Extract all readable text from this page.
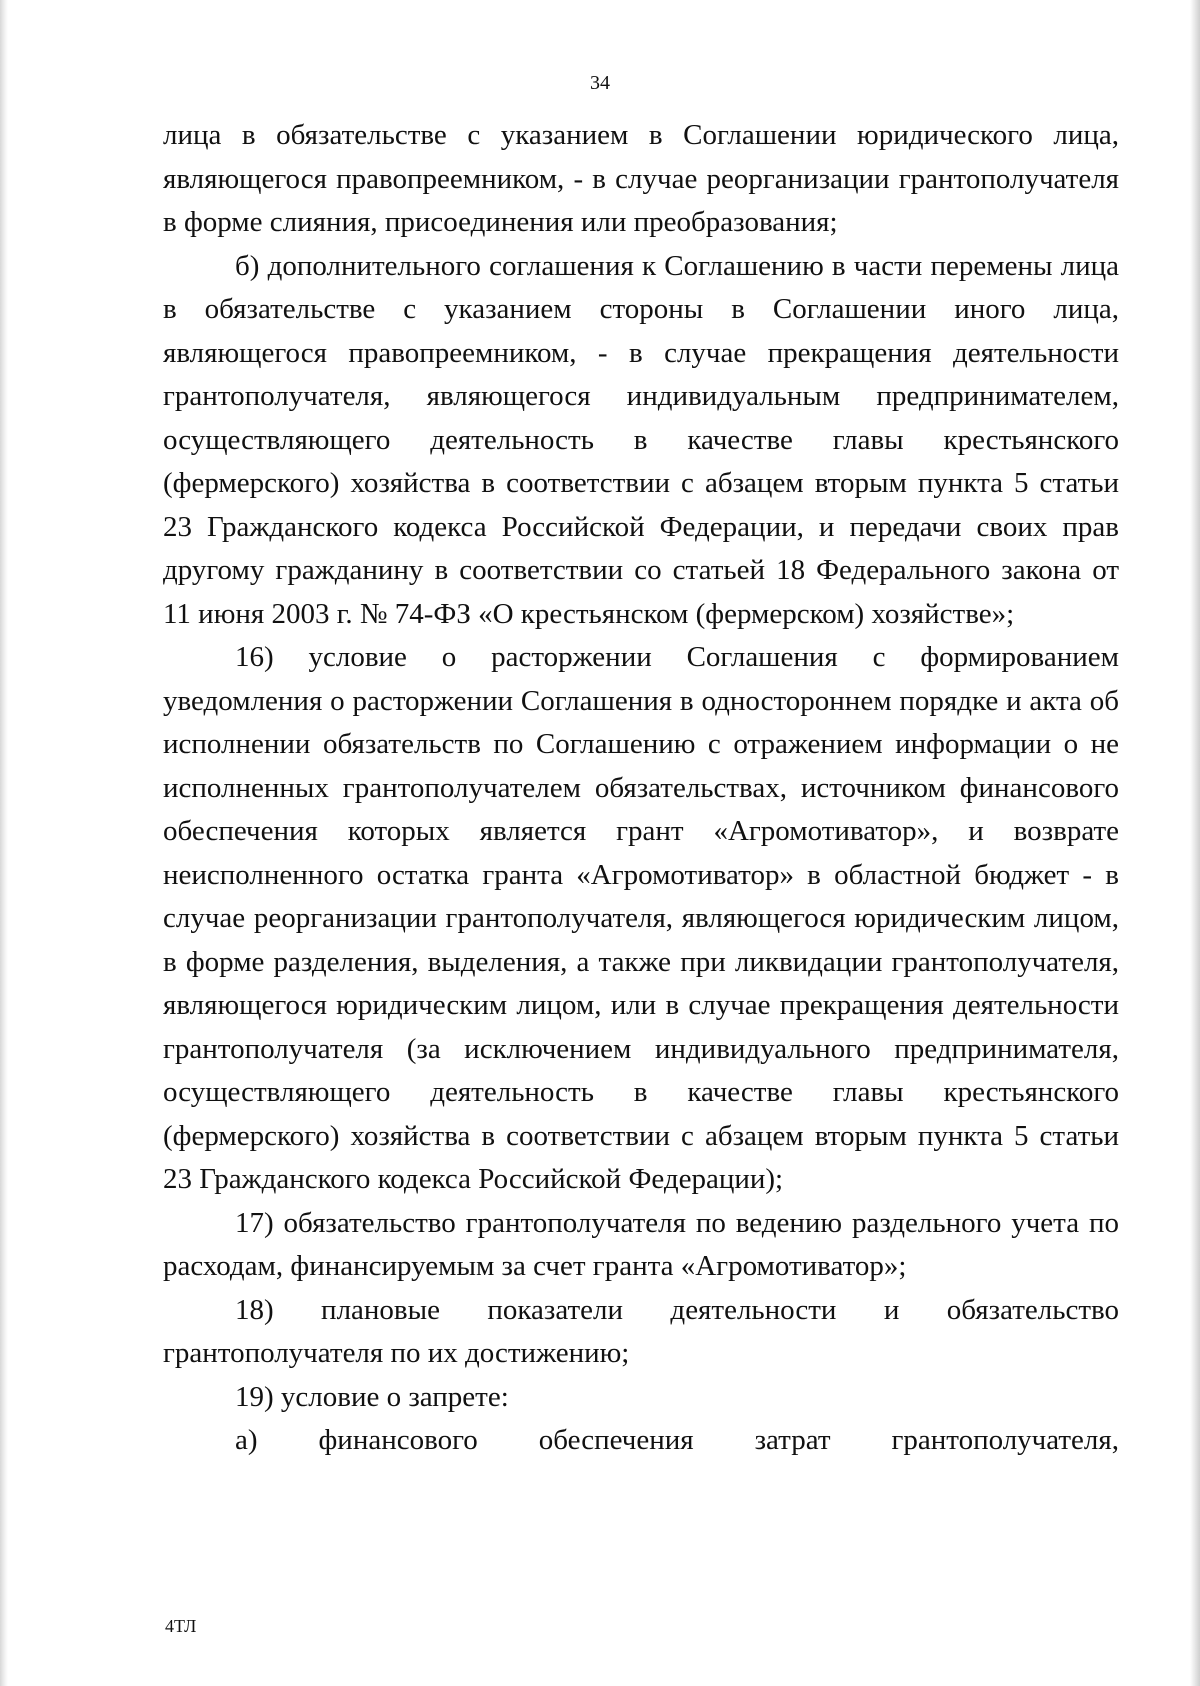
34

лица в обязательстве с указанием в Соглашении юридического лица, являющегося правопреемником, - в случае реорганизации грантополучателя в форме слияния, присоединения или преобразования;

б) дополнительного соглашения к Соглашению в части перемены лица в обязательстве с указанием стороны в Соглашении иного лица, являющегося правопреемником, - в случае прекращения деятельности грантополучателя, являющегося индивидуальным предпринимателем, осуществляющего деятельность в качестве главы крестьянского (фермерского) хозяйства в соответствии с абзацем вторым пункта 5 статьи 23 Гражданского кодекса Российской Федерации, и передачи своих прав другому гражданину в соответствии со статьей 18 Федерального закона от 11 июня 2003 г. № 74-ФЗ «О крестьянском (фермерском) хозяйстве»;

16) условие о расторжении Соглашения с формированием уведомления о расторжении Соглашения в одностороннем порядке и акта об исполнении обязательств по Соглашению с отражением информации о не исполненных грантополучателем обязательствах, источником финансового обеспечения которых является грант «Агромотиватор», и возврате неисполненного остатка гранта «Агромотиватор» в областной бюджет - в случае реорганизации грантополучателя, являющегося юридическим лицом, в форме разделения, выделения, а также при ликвидации грантополучателя, являющегося юридическим лицом, или в случае прекращения деятельности грантополучателя (за исключением индивидуального предпринимателя, осуществляющего деятельность в качестве главы крестьянского (фермерского) хозяйства в соответствии с абзацем вторым пункта 5 статьи 23 Гражданского кодекса Российской Федерации);

17) обязательство грантополучателя по ведению раздельного учета по расходам, финансируемым за счет гранта «Агромотиватор»;

18) плановые показатели деятельности и обязательство грантополучателя по их достижению;

19) условие о запрете:

а) финансового обеспечения затрат грантополучателя,

4ТЛ
